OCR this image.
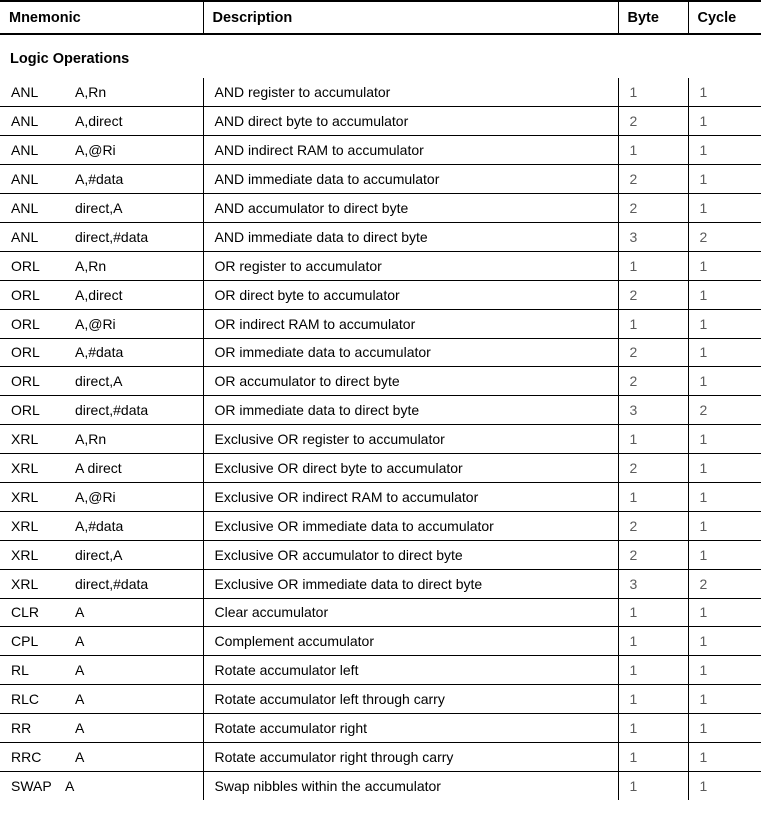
Mnemonic	Description	Byte	Cycle
Logic Operations
ANL A,Rn	AND register to accumulator	1	1

ANL A,direct	AND direct byte to accumulator	2	1

ANL A,@Ri	AND indirect RAM to accumulator	1	1

ANL A,#data	AND immediate data to accumulator	2	1

ANL direct,A	AND accumulator to direct byte	2	1

ANL direct,#data	AND immediate data to direct byte	3	2

ORL A,Rn	OR register to accumulator	1	1

ORL A,direct	OR direct byte to accumulator	2	1

ORL A,@Ri	OR indirect RAM to accumulator	1	1

ORL A,#data	OR immediate data to accumulator	2	1

ORL direct,A	OR accumulator to direct byte	2	1

ORL direct,#data	OR immediate data to direct byte	3	2

XRL A,Rn	Exclusive OR register to accumulator	1	1

XRL A direct	Exclusive OR direct byte to accumulator	2	1

XRL A,@Ri	Exclusive OR indirect RAM to accumulator	1	1

XRL A,#data	Exclusive OR immediate data to accumulator	2	1

XRL direct,A	Exclusive OR accumulator to direct byte	2	1

XRL direct,#data	Exclusive OR immediate data to direct byte	3	2

CLR A	Clear accumulator	1	1

CPL A	Complement accumulator	1	1

RL A	Rotate accumulator left	1	1

RLC A	Rotate accumulator left through carry	1	1

RR A	Rotate accumulator right	1	1

RRC A	Rotate accumulator right through carry	1	1

SWAP A	Swap nibbles within the accumulator	1	1
